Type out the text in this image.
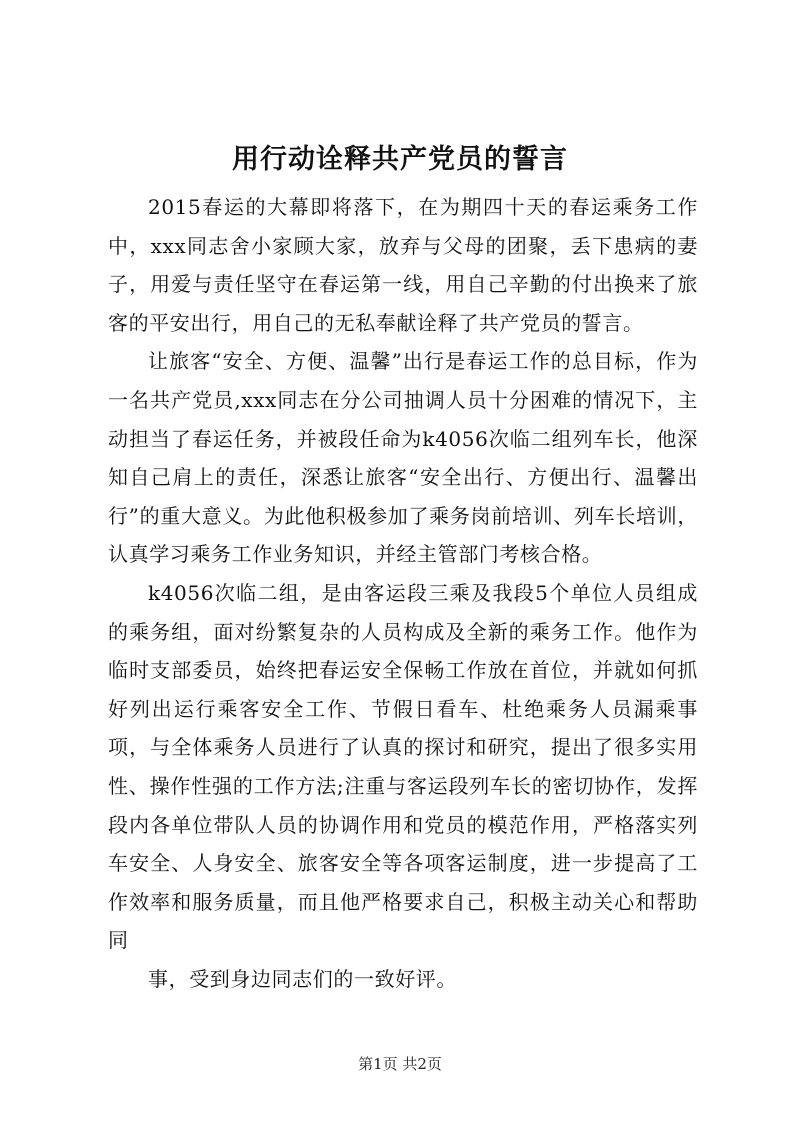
用行动诠释共产党员的誓言

2015春运的大幕即将落下，在为期四十天的春运乘务工作中，xxx同志舍小家顾大家，放弃与父母的团聚，丢下患病的妻子，用爱与责任坚守在春运第一线，用自己辛勤的付出换来了旅客的平安出行，用自己的无私奉献诠释了共产党员的誓言。

让旅客“安全、方便、温馨”出行是春运工作的总目标，作为一名共产党员,xxx同志在分公司抽调人员十分困难的情况下，主动担当了春运任务，并被段任命为k4056次临二组列车长，他深知自己肩上的责任，深悉让旅客“安全出行、方便出行、温馨出行”的重大意义。为此他积极参加了乘务岗前培训、列车长培训，认真学习乘务工作业务知识，并经主管部门考核合格。

k4056次临二组，是由客运段三乘及我段5个单位人员组成的乘务组，面对纷繁复杂的人员构成及全新的乘务工作。他作为临时支部委员，始终把春运安全保畅工作放在首位，并就如何抓好列出运行乘客安全工作、节假日看车、杜绝乘务人员漏乘事项，与全体乘务人员进行了认真的探讨和研究，提出了很多实用性、操作性强的工作方法;注重与客运段列车长的密切协作，发挥段内各单位带队人员的协调作用和党员的模范作用，严格落实列车安全、人身安全、旅客安全等各项客运制度，进一步提高了工作效率和服务质量，而且他严格要求自己，积极主动关心和帮助同

事，受到身边同志们的一致好评。

第1页 共2页
